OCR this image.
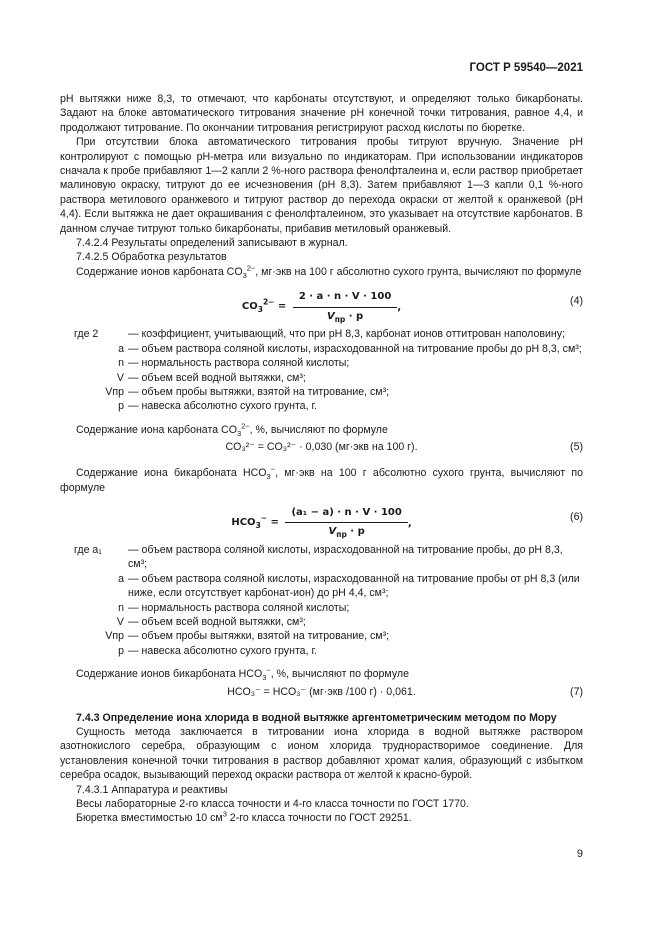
ГОСТ Р 59540—2021

pH вытяжки ниже 8,3, то отмечают, что карбонаты отсутствуют, и определяют только бикарбонаты. Задают на блоке автоматического титрования значение pH конечной точки титрования, равное 4,4, и продолжают титрование. По окончании титрования регистрируют расход кислоты по бюретке.

При отсутствии блока автоматического титрования пробы титруют вручную. Значение pH контролируют с помощью pH-метра или визуально по индикаторам. При использовании индикаторов сначала к пробе прибавляют 1—2 капли 2 %-ного раствора фенолфталеина и, если раствор приобретает малиновую окраску, титруют до ее исчезновения (pH 8,3). Затем прибавляют 1—3 капли 0,1 %-ного раствора метилового оранжевого и титруют раствор до перехода окраски от желтой к оранжевой (pH 4,4). Если вытяжка не дает окрашивания с фенолфталеином, это указывает на отсутствие карбонатов. В данном случае титруют только бикарбонаты, прибавив метиловый оранжевый.

7.4.2.4 Результаты определений записывают в журнал.

7.4.2.5 Обработка результатов

Содержание ионов карбоната $CO_3^{2-}$, мг·экв на 100 г абсолютно сухого грунта, вычисляют по формуле

$CO_3^{2-} = \frac{2 \cdot a \cdot n \cdot V \cdot 100}{V_{пр} \cdot p}$ ,
(4)
где 2	— коэффициент, учитывающий, что при pH 8,3, карбонат ионов оттитрован наполовину;
a — объем раствора соляной кислоты, израсходованной на титрование пробы до pH 8,3, см³;
n — нормальность раствора соляной кислоты;
V — объем всей водной вытяжки, см³;
Vпр — объем пробы вытяжки, взятой на титрование, см³;
p — навеска абсолютно сухого грунта, г.

Содержание иона карбоната $CO_3^{2-}$, %, вычисляют по формуле

CO₃²⁻ = CO₃²⁻ · 0,030 (мг·экв на 100 г).	(5)

Содержание иона бикарбоната $HCO_3^-$, мг·экв на 100 г абсолютно сухого грунта, вычисляют по формуле

$HCO_3^- = \frac{\text{(a₁ − a) · n · V · 100}}{V_{пр} \cdot p}$ ,
(6)
где a₁	— объем раствора соляной кислоты, израсходованной на титрование пробы, до pH 8,3, см³;
a — объем раствора соляной кислоты, израсходованной на титрование пробы от pH 8,3 (или ниже, если отсутствует карбонат-ион) до pH 4,4, см³;
n — нормальность раствора соляной кислоты;
V — объем всей водной вытяжки, см³;
Vпр — объем пробы вытяжки, взятой на титрование, см³;
p — навеска абсолютно сухого грунта, г.

Содержание ионов бикарбоната $HCO_3^-$, %, вычисляют по формуле

HCO₃⁻ = HCO₃⁻ (мг·экв /100 г) · 0,061.	(7)

7.4.3 Определение иона хлорида в водной вытяжке аргентометрическим методом по Мору

Сущность метода заключается в титровании иона хлорида в водной вытяжке раствором азотнокислого серебра, образующим с ионом хлорида труднорастворимое соединение. Для установления конечной точки титрования в раствор добавляют хромат калия, образующий с избытком серебра осадок, вызывающий переход окраски раствора от желтой к красно-бурой.

7.4.3.1 Аппаратура и реактивы

Весы лабораторные 2-го класса точности и 4-го класса точности по ГОСТ 1770.

Бюретка вместимостью 10 $см^3$ 2-го класса точности по ГОСТ 29251.

9
